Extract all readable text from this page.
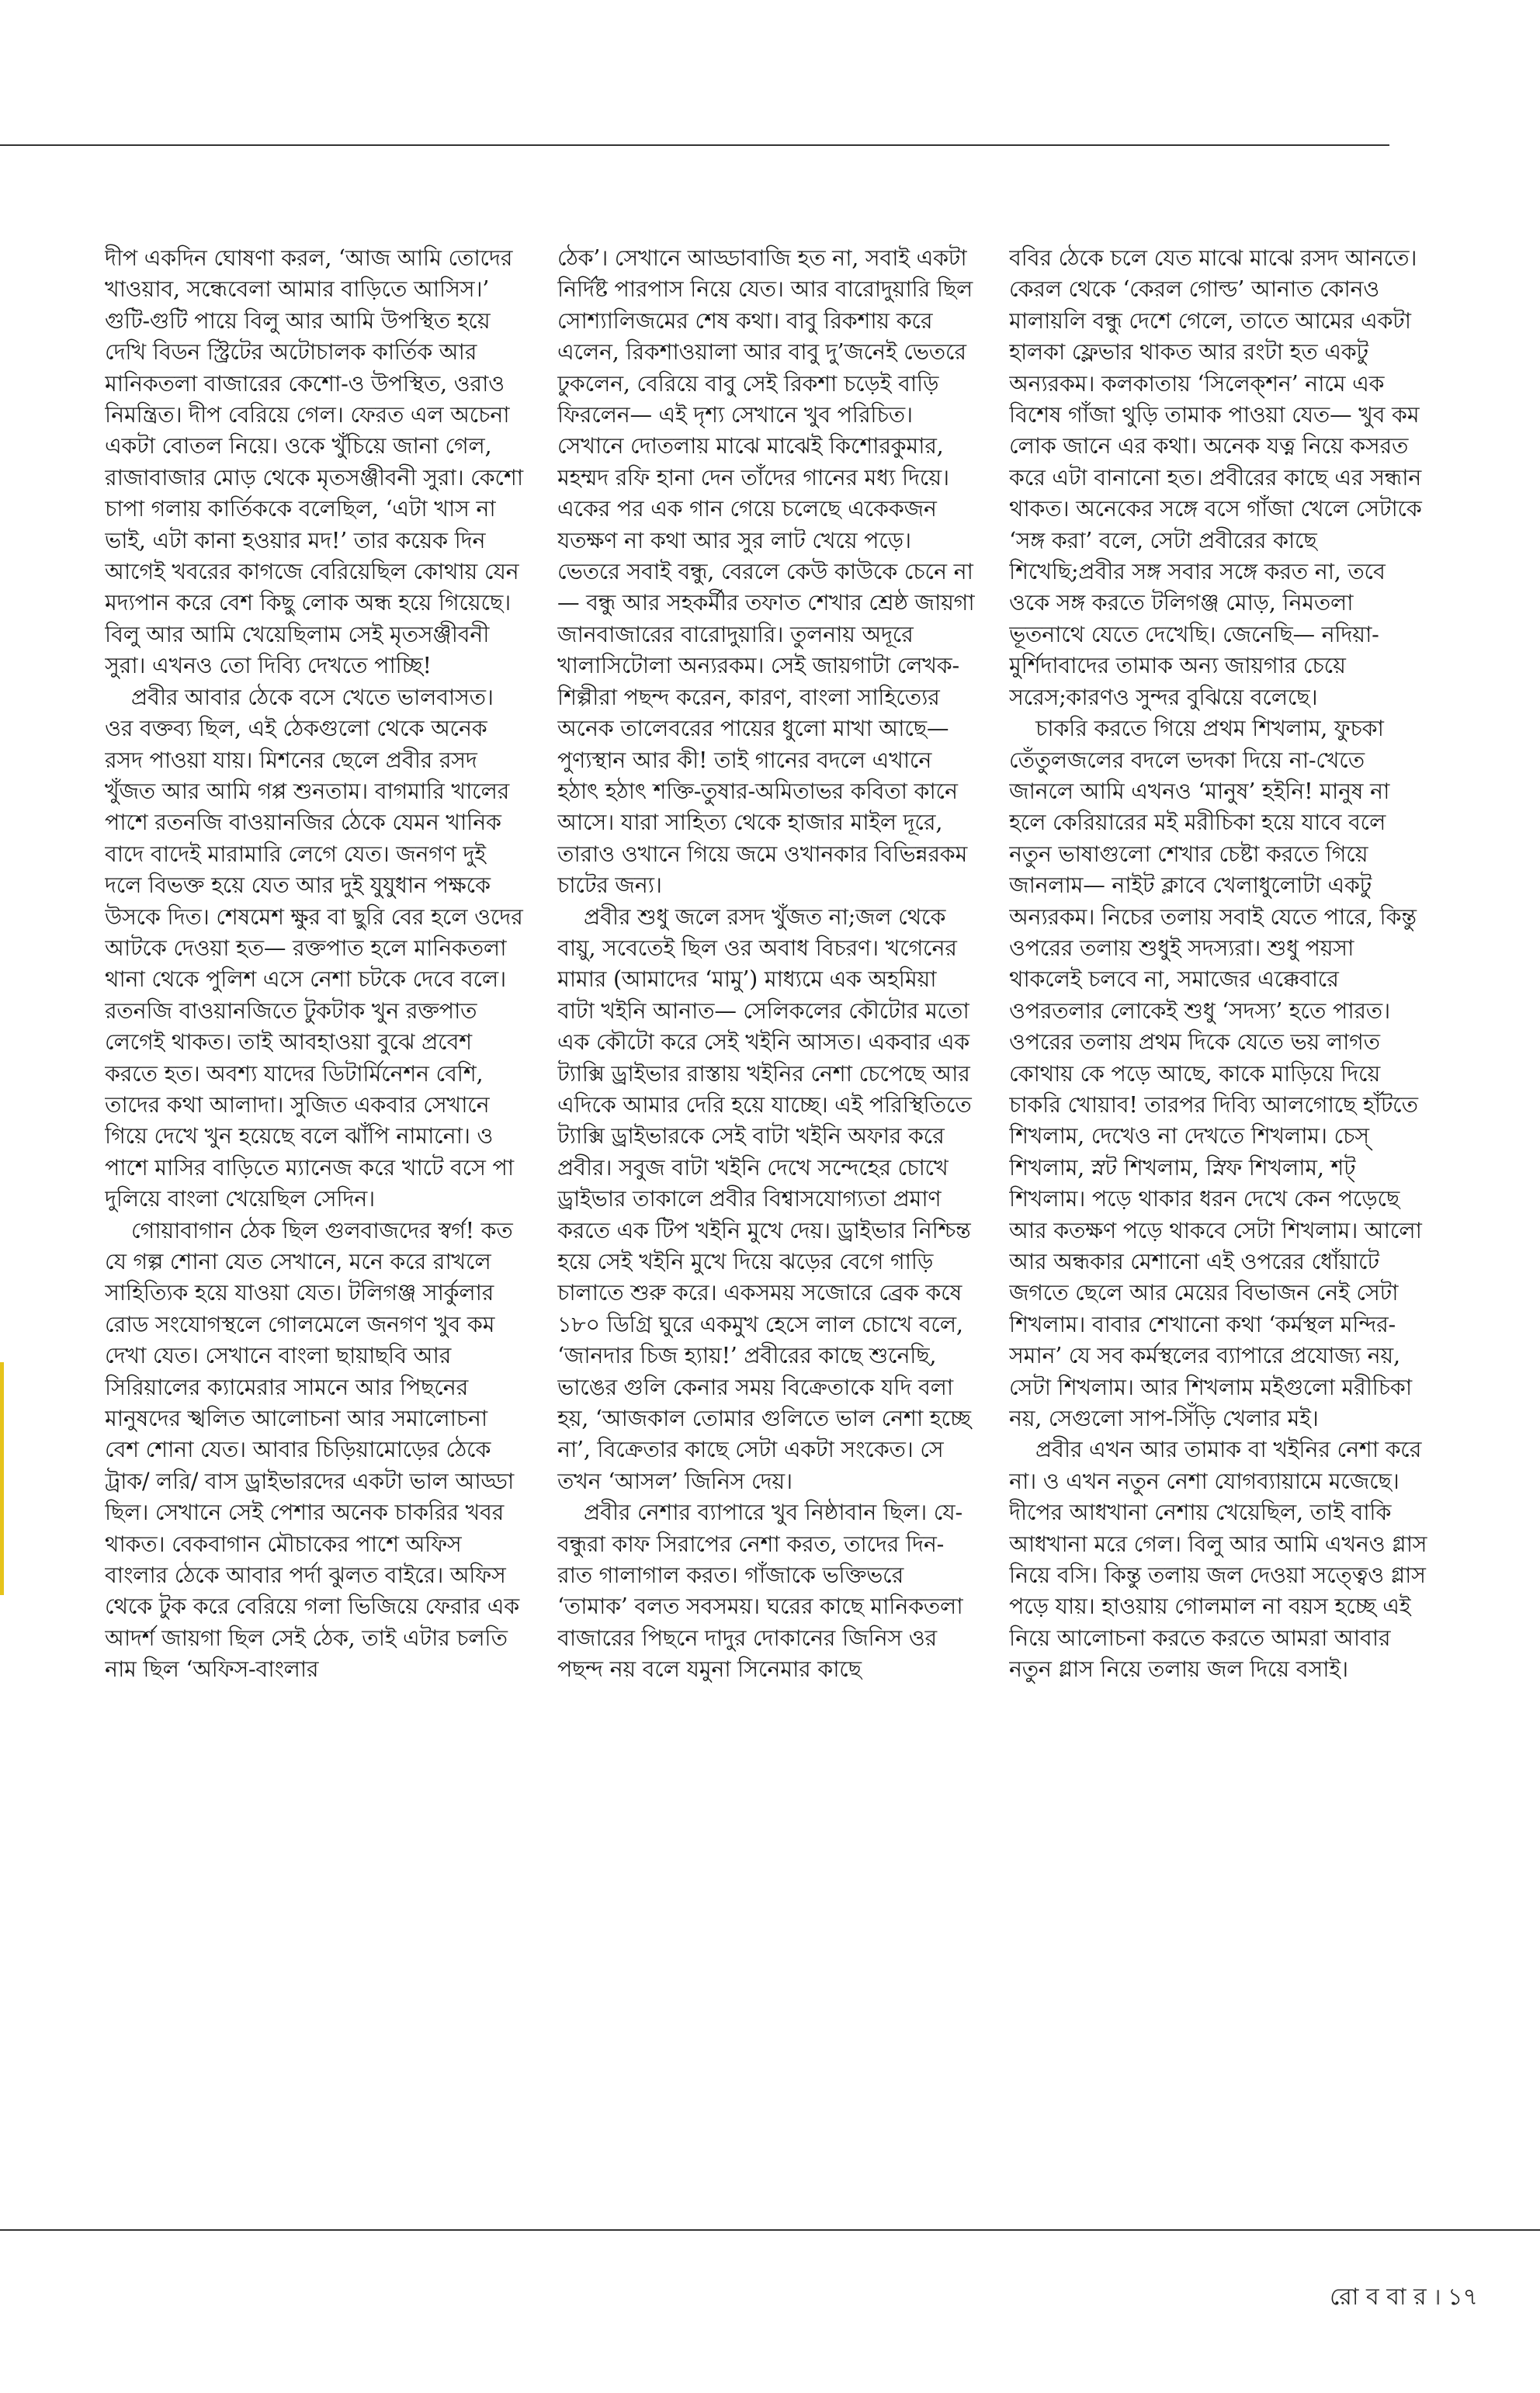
দীপ একদিন ঘোষণা করল, ‘আজ আমি তোদের খাওয়াব, সন্ধেবেলা আমার বাড়িতে আসিস।’ গুটি-গুটি পায়ে বিলু আর আমি উপস্থিত হয়ে দেখি বিডন স্ট্রিটের অটোচালক কার্তিক আর মানিকতলা বাজারের কেশো-ও উপস্থিত, ওরাও নিমন্ত্রিত। দীপ বেরিয়ে গেল। ফেরত এল অচেনা একটা বোতল নিয়ে। ওকে খুঁচিয়ে জানা গেল, রাজাবাজার মোড় থেকে মৃতসঞ্জীবনী সুরা। কেশো চাপা গলায় কার্তিককে বলেছিল, ‘এটা খাস না ভাই, এটা কানা হওয়ার মদ!’ তার কয়েক দিন আগেই খবরের কাগজে বেরিয়েছিল কোথায় যেন মদ্যপান করে বেশ কিছু লোক অন্ধ হয়ে গিয়েছে। বিলু আর আমি খেয়েছিলাম সেই মৃতসঞ্জীবনী সুরা। এখনও তো দিব্যি দেখতে পাচ্ছি!

প্রবীর আবার ঠেকে বসে খেতে ভালবাসত। ওর বক্তব্য ছিল, এই ঠেকগুলো থেকে অনেক রসদ পাওয়া যায়। মিশনের ছেলে প্রবীর রসদ খুঁজত আর আমি গপ্প শুনতাম। বাগমারি খালের পাশে রতনজি বাওয়ানজির ঠেকে যেমন খানিক বাদে বাদেই মারামারি লেগে যেত। জনগণ দুই দলে বিভক্ত হয়ে যেত আর দুই যুযুধান পক্ষকে উসকে দিত। শেষমেশ ক্ষুর বা ছুরি বের হলে ওদের আটকে দেওয়া হত— রক্তপাত হলে মানিকতলা থানা থেকে পুলিশ এসে নেশা চটকে দেবে বলে। রতনজি বাওয়ানজিতে টুকটাক খুন রক্তপাত লেগেই থাকত। তাই আবহাওয়া বুঝে প্রবেশ করতে হত। অবশ্য যাদের ডিটার্মিনেশন বেশি, তাদের কথা আলাদা। সুজিত একবার সেখানে গিয়ে দেখে খুন হয়েছে বলে ঝাঁপি নামানো। ও পাশে মাসির বাড়িতে ম্যানেজ করে খাটে বসে পা দুলিয়ে বাংলা খেয়েছিল সেদিন।

গোয়াবাগান ঠেক ছিল গুলবাজদের স্বর্গ! কত যে গল্প শোনা যেত সেখানে, মনে করে রাখলে সাহিত্যিক হয়ে যাওয়া যেত। টলিগঞ্জ সার্কুলার রোড সংযোগস্থলে গোলমেলে জনগণ খুব কম দেখা যেত। সেখানে বাংলা ছায়াছবি আর সিরিয়ালের ক্যামেরার সামনে আর পিছনের মানুষদের স্খলিত আলোচনা আর সমালোচনা বেশ শোনা যেত। আবার চিড়িয়ামোড়ের ঠেকে ট্রাক/ লরি/ বাস ড্রাইভারদের একটা ভাল আড্ডা ছিল। সেখানে সেই পেশার অনেক চাকরির খবর থাকত। বেকবাগান মৌচাকের পাশে অফিস বাংলার ঠেকে আবার পর্দা ঝুলত বাইরে। অফিস থেকে টুক করে বেরিয়ে গলা ভিজিয়ে ফেরার এক আদর্শ জায়গা ছিল সেই ঠেক, তাই এটার চলতি নাম ছিল ‘অফিস-বাংলার

ঠেক’। সেখানে আড্ডাবাজি হত না, সবাই একটা নির্দিষ্ট পারপাস নিয়ে যেত। আর বারোদুয়ারি ছিল সোশ্যালিজমের শেষ কথা। বাবু রিকশায় করে এলেন, রিকশাওয়ালা আর বাবু দু’জনেই ভেতরে ঢুকলেন, বেরিয়ে বাবু সেই রিকশা চড়েই বাড়ি ফিরলেন— এই দৃশ্য সেখানে খুব পরিচিত। সেখানে দোতলায় মাঝে মাঝেই কিশোরকুমার, মহম্মদ রফি হানা দেন তাঁদের গানের মধ্য দিয়ে। একের পর এক গান গেয়ে চলেছে একেকজন যতক্ষণ না কথা আর সুর লাট খেয়ে পড়ে। ভেতরে সবাই বন্ধু, বেরলে কেউ কাউকে চেনে না— বন্ধু আর সহকর্মীর তফাত শেখার শ্রেষ্ঠ জায়গা জানবাজারের বারোদুয়ারি। তুলনায় অদূরে খালাসিটোলা অন্যরকম। সেই জায়গাটা লেখক-শিল্পীরা পছন্দ করেন, কারণ, বাংলা সাহিত্যের অনেক তালেবরের পায়ের ধুলো মাখা আছে— পুণ্যস্থান আর কী! তাই গানের বদলে এখানে হঠাৎ হঠাৎ শক্তি-তুষার-অমিতাভর কবিতা কানে আসে। যারা সাহিত্য থেকে হাজার মাইল দূরে, তারাও ওখানে গিয়ে জমে ওখানকার বিভিন্নরকম চাটের জন্য।

প্রবীর শুধু জলে রসদ খুঁজত না;জল থেকে বায়ু, সবেতেই ছিল ওর অবাধ বিচরণ। খগেনের মামার (আমাদের ‘মামু’) মাধ্যমে এক অহমিয়া বাটা খইনি আনাত— সেলিকলের কৌটোর মতো এক কৌটো করে সেই খইনি আসত। একবার এক ট্যাক্সি ড্রাইভার রাস্তায় খইনির নেশা চেপেছে আর এদিকে আমার দেরি হয়ে যাচ্ছে। এই পরিস্থিতিতে ট্যাক্সি ড্রাইভারকে সেই বাটা খইনি অফার করে প্রবীর। সবুজ বাটা খইনি দেখে সন্দেহের চোখে ড্রাইভার তাকালে প্রবীর বিশ্বাসযোগ্যতা প্রমাণ করতে এক টিপ খইনি মুখে দেয়। ড্রাইভার নিশ্চিন্ত হয়ে সেই খইনি মুখে দিয়ে ঝড়ের বেগে গাড়ি চালাতে শুরু করে। একসময় সজোরে ব্রেক কষে ১৮০ ডিগ্রি ঘুরে একমুখ হেসে লাল চোখে বলে, ‘জানদার চিজ হ্যায়!’ প্রবীরের কাছে শুনেছি, ভাঙের গুলি কেনার সময় বিক্রেতাকে যদি বলা হয়, ‘আজকাল তোমার গুলিতে ভাল নেশা হচ্ছে না’, বিক্রেতার কাছে সেটা একটা সংকেত। সে তখন ‘আসল’ জিনিস দেয়।

প্রবীর নেশার ব্যাপারে খুব নিষ্ঠাবান ছিল। যে-বন্ধুরা কাফ সিরাপের নেশা করত, তাদের দিন-রাত গালাগাল করত। গাঁজাকে ভক্তিভরে ‘তামাক’ বলত সবসময়। ঘরের কাছে মানিকতলা বাজারের পিছনে দাদুর দোকানের জিনিস ওর পছন্দ নয় বলে যমুনা সিনেমার কাছে

ববির ঠেকে চলে যেত মাঝে মাঝে রসদ আনতে। কেরল থেকে ‘কেরল গোল্ড’ আনাত কোনও মালায়লি বন্ধু দেশে গেলে, তাতে আমের একটা হালকা ফ্লেভার থাকত আর রংটা হত একটু অন্যরকম। কলকাতায় ‘সিলেক্শন’ নামে এক বিশেষ গাঁজা থুড়ি তামাক পাওয়া যেত— খুব কম লোক জানে এর কথা। অনেক যত্ন নিয়ে কসরত করে এটা বানানো হত। প্রবীরের কাছে এর সন্ধান থাকত। অনেকের সঙ্গে বসে গাঁজা খেলে সেটাকে ‘সঙ্গ করা’ বলে, সেটা প্রবীরের কাছে শিখেছি;প্রবীর সঙ্গ সবার সঙ্গে করত না, তবে ওকে সঙ্গ করতে টলিগঞ্জ মোড়, নিমতলা ভূতনাথে যেতে দেখেছি। জেনেছি— নদিয়া-মুর্শিদাবাদের তামাক অন্য জায়গার চেয়ে সরেস;কারণও সুন্দর বুঝিয়ে বলেছে।

চাকরি করতে গিয়ে প্রথম শিখলাম, ফুচকা তেঁতুলজলের বদলে ভদকা দিয়ে না-খেতে জানলে আমি এখনও ‘মানুষ’ হইনি! মানুষ না হলে কেরিয়ারের মই মরীচিকা হয়ে যাবে বলে নতুন ভাষাগুলো শেখার চেষ্টা করতে গিয়ে জানলাম— নাইট ক্লাবে খেলাধুলোটা একটু অন্যরকম। নিচের তলায় সবাই যেতে পারে, কিন্তু ওপরের তলায় শুধুই সদস্যরা। শুধু পয়সা থাকলেই চলবে না, সমাজের এক্কেবারে ওপরতলার লোকেই শুধু ‘সদস্য’ হতে পারত। ওপরের তলায় প্রথম দিকে যেতে ভয় লাগত কোথায় কে পড়ে আছে, কাকে মাড়িয়ে দিয়ে চাকরি খোয়াব! তারপর দিব্যি আলগোছে হাঁটতে শিখলাম, দেখেও না দেখতে শিখলাম। চেস্ শিখলাম, স্নট শিখলাম, স্নিফ শিখলাম, শট্ শিখলাম। পড়ে থাকার ধরন দেখে কেন পড়েছে আর কতক্ষণ পড়ে থাকবে সেটা শিখলাম। আলো আর অন্ধকার মেশানো এই ওপরের ধোঁয়াটে জগতে ছেলে আর মেয়ের বিভাজন নেই সেটা শিখলাম। বাবার শেখানো কথা ‘কর্মস্থল মন্দির-সমান’ যে সব কর্মস্থলের ব্যাপারে প্রযোজ্য নয়, সেটা শিখলাম। আর শিখলাম মইগুলো মরীচিকা নয়, সেগুলো সাপ-সিঁড়ি খেলার মই।

প্রবীর এখন আর তামাক বা খইনির নেশা করে না। ও এখন নতুন নেশা যোগব্যায়ামে মজেছে। দীপের আধখানা নেশায় খেয়েছিল, তাই বাকি আধখানা মরে গেল। বিলু আর আমি এখনও গ্লাস নিয়ে বসি। কিন্তু তলায় জল দেওয়া সত্ত্বেও গ্লাস পড়ে যায়। হাওয়ায় গোলমাল না বয়স হচ্ছে এই নিয়ে আলোচনা করতে করতে আমরা আবার নতুন গ্লাস নিয়ে তলায় জল দিয়ে বসাই।

রো ব বা র । ১৭
